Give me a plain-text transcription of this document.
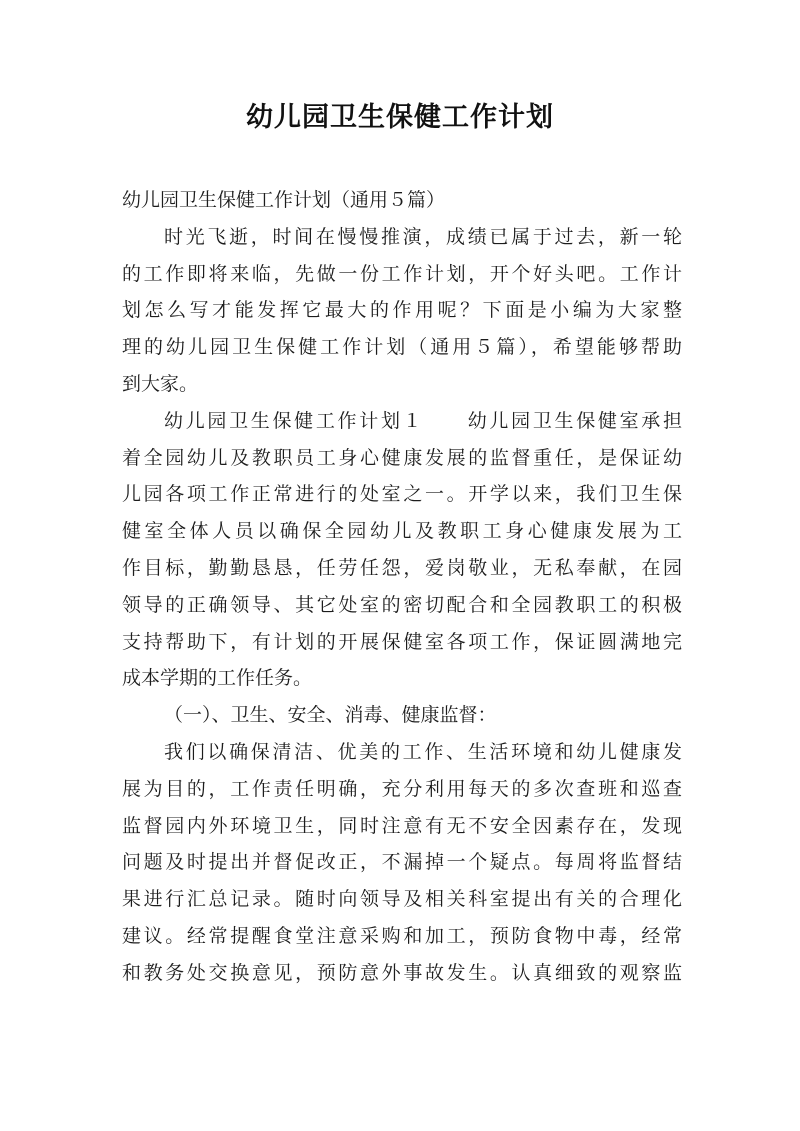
幼儿园卫生保健工作计划
幼儿园卫生保健工作计划（通用５篇）
时光飞逝，时间在慢慢推演，成绩已属于过去，新一轮
的工作即将来临，先做一份工作计划，开个好头吧。工作计
划怎么写才能发挥它最大的作用呢？下面是小编为大家整
理的幼儿园卫生保健工作计划（通用５篇），希望能够帮助
到大家。
幼儿园卫生保健工作计划１　　幼儿园卫生保健室承担
着全园幼儿及教职员工身心健康发展的监督重任，是保证幼
儿园各项工作正常进行的处室之一。开学以来，我们卫生保
健室全体人员以确保全园幼儿及教职工身心健康发展为工
作目标，勤勤恳恳，任劳任怨，爱岗敬业，无私奉献，在园
领导的正确领导、其它处室的密切配合和全园教职工的积极
支持帮助下，有计划的开展保健室各项工作，保证圆满地完
成本学期的工作任务。
（一）、卫生、安全、消毒、健康监督：
我们以确保清洁、优美的工作、生活环境和幼儿健康发
展为目的，工作责任明确，充分利用每天的多次查班和巡查
监督园内外环境卫生，同时注意有无不安全因素存在，发现
问题及时提出并督促改正，不漏掉一个疑点。每周将监督结
果进行汇总记录。随时向领导及相关科室提出有关的合理化
建议。经常提醒食堂注意采购和加工，预防食物中毒，经常
和教务处交换意见，预防意外事故发生。认真细致的观察监
